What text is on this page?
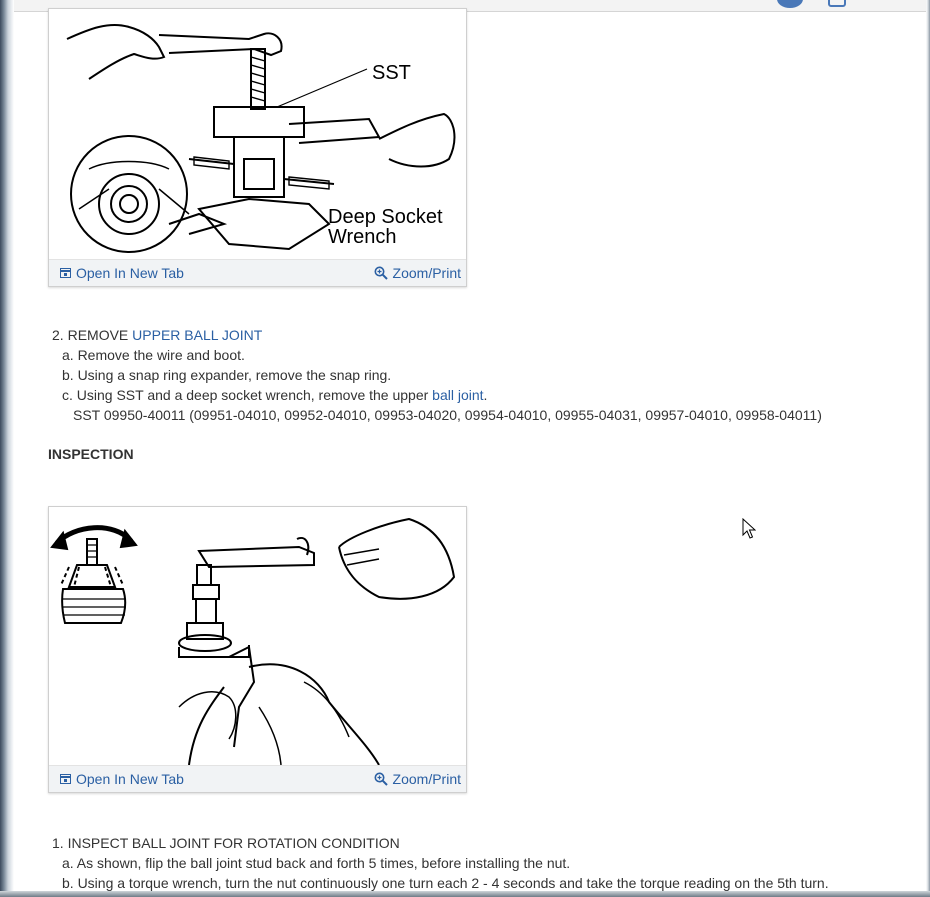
SST
Deep Socket
Wrench
Open In New Tab	Zoom/Print
2. REMOVE UPPER BALL JOINT
a. Remove the wire and boot.
b. Using a snap ring expander, remove the snap ring.
c. Using SST and a deep socket wrench, remove the upper ball joint.
SST 09950-40011 (09951-04010, 09952-04010, 09953-04020, 09954-04010, 09955-04031, 09957-04010, 09958-04011)
INSPECTION
Open In New Tab	Zoom/Print
1. INSPECT BALL JOINT FOR ROTATION CONDITION
a. As shown, flip the ball joint stud back and forth 5 times, before installing the nut.
b. Using a torque wrench, turn the nut continuously one turn each 2 - 4 seconds and take the torque reading on the 5th turn.
